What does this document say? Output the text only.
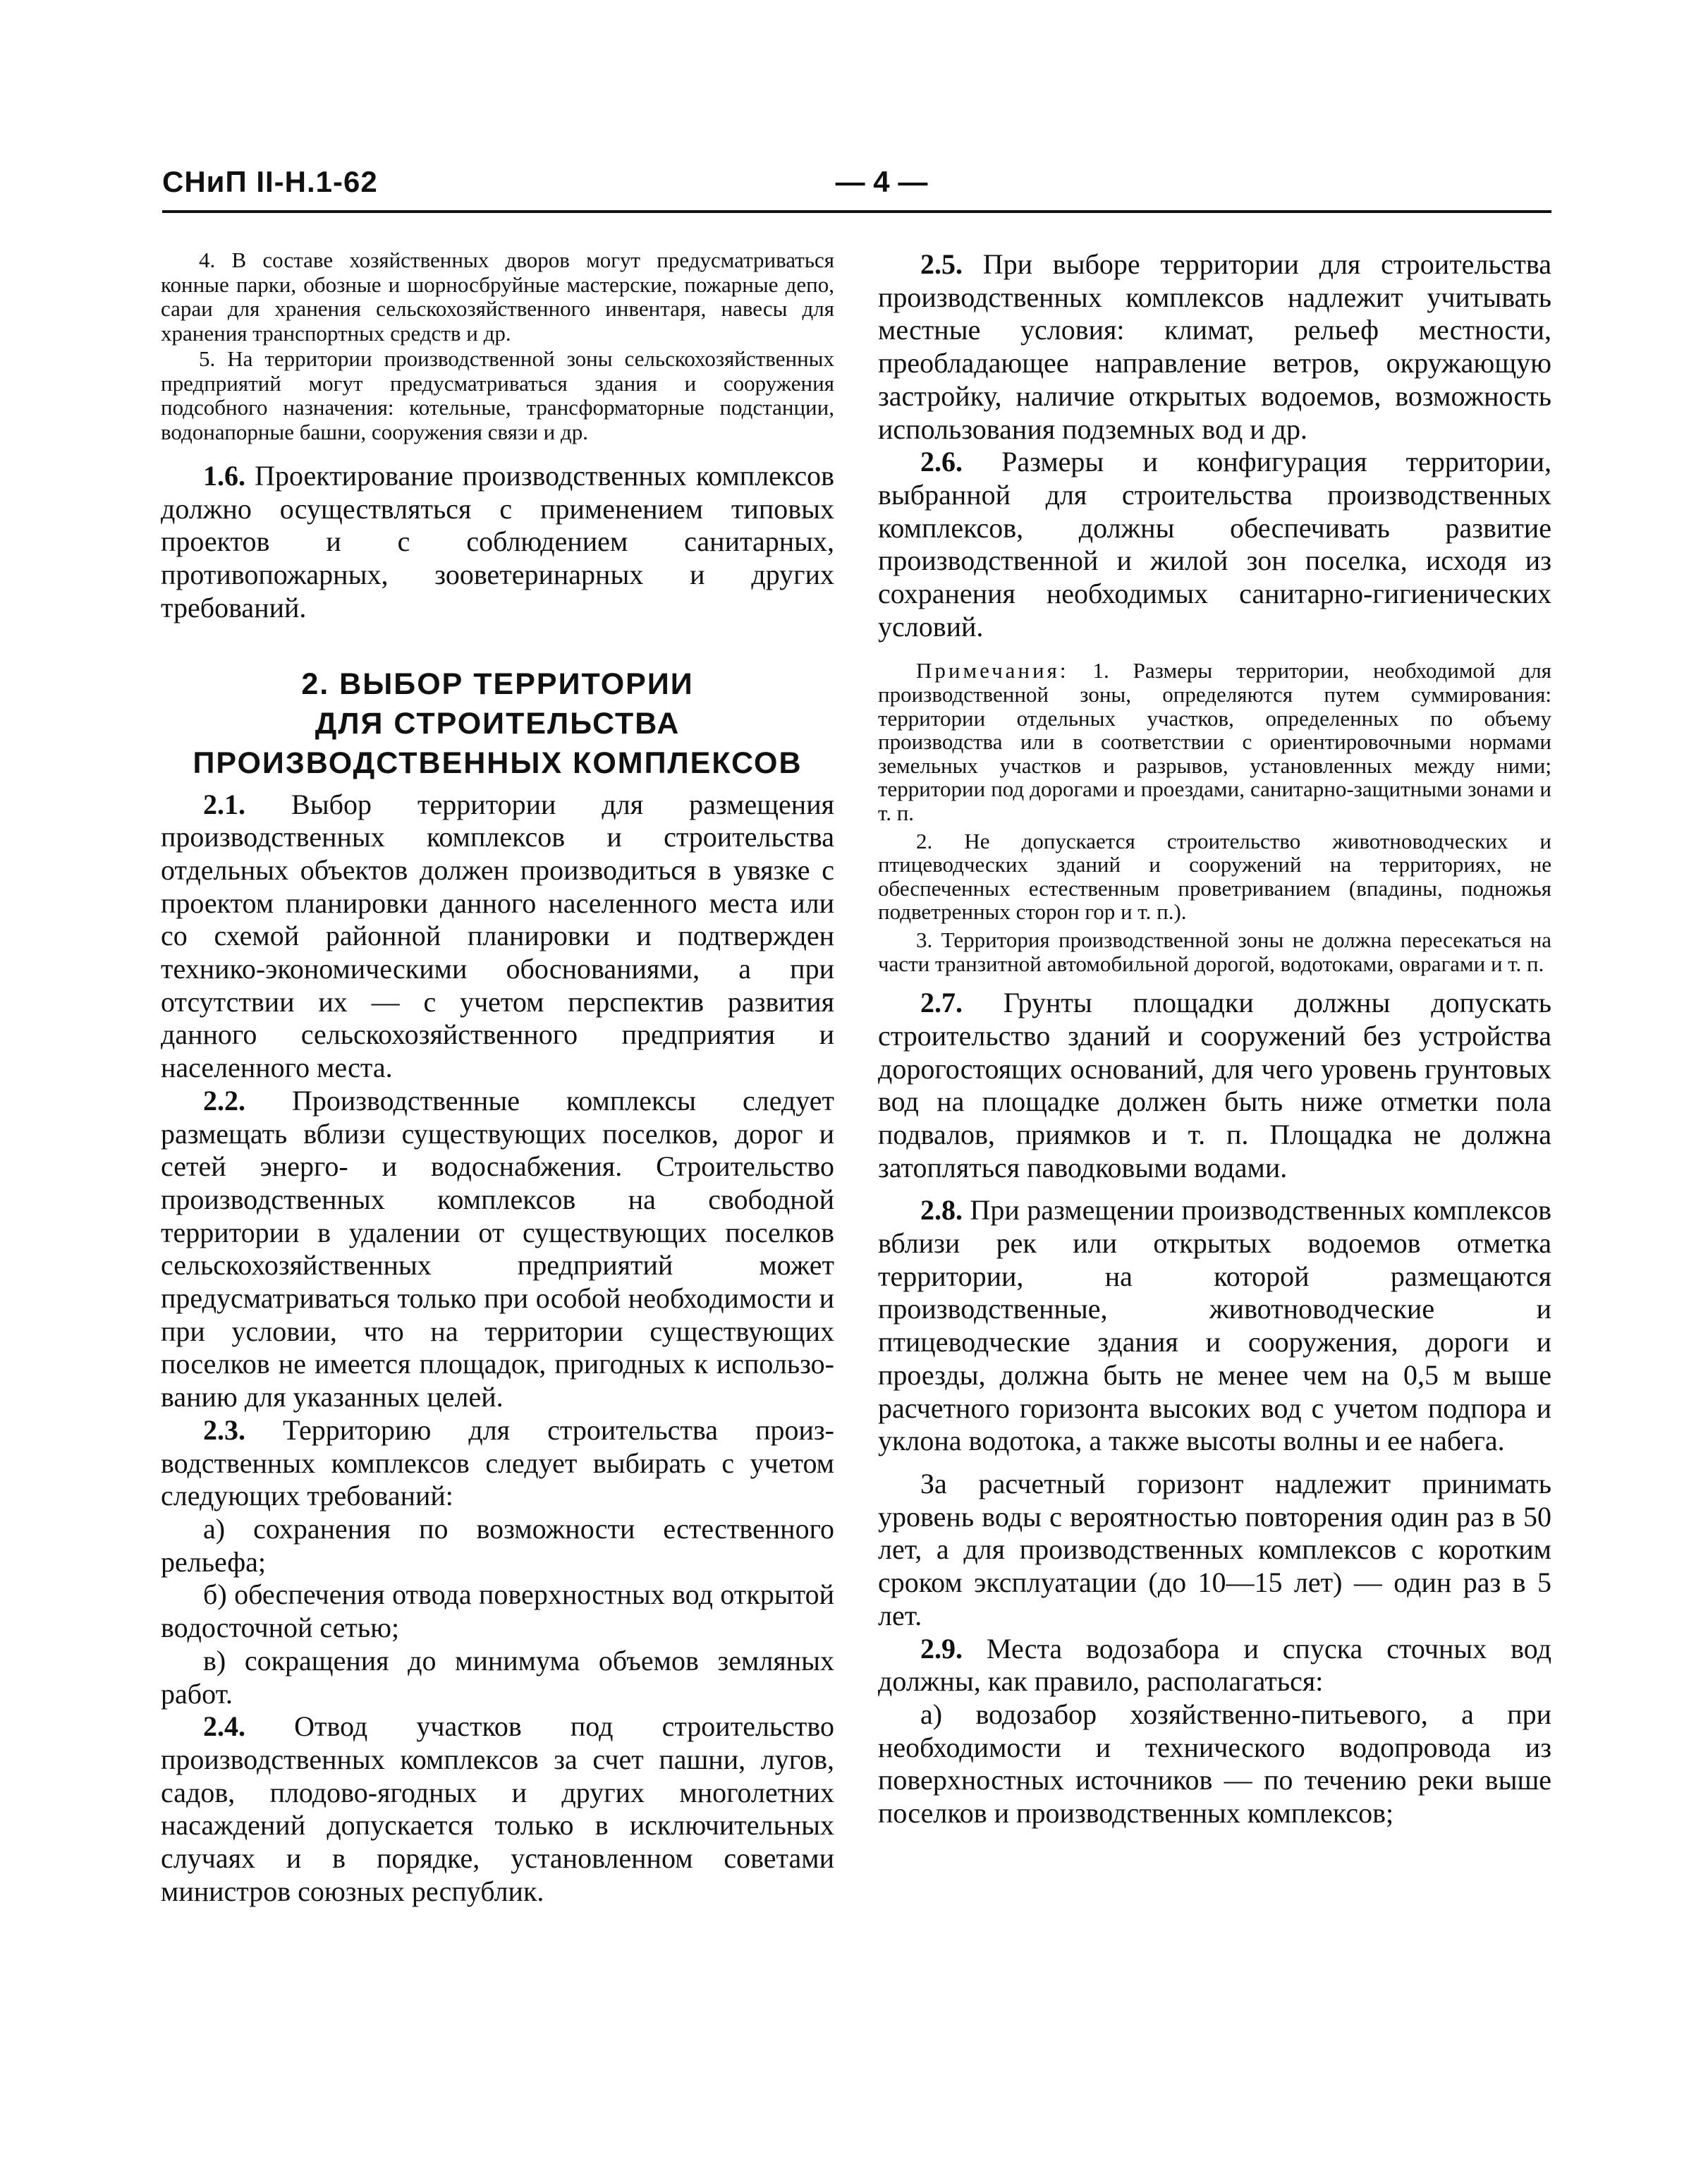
СНиП II-Н.1-62	— 4 —

4. В составе хозяйственных дворов могут предусматриваться конные парки, обозные и шорносбруйные мастерские, пожарные депо, сараи для хранения сельскохозяйственного инвентаря, навесы для хранения транспортных средств и др.

5. На территории производственной зоны сельскохозяйственных предприятий могут предусматриваться здания и сооружения подсобного назначения: котельные, трансформаторные подстанции, водонапорные башни, сооружения связи и др.

1.6. Проектирование производственных комплексов должно осуществляться с применением типовых проектов и с соблюдением санитарных, противопожарных, зооветеринарных и других требований.

2. ВЫБОР ТЕРРИТОРИИ
ДЛЯ СТРОИТЕЛЬСТВА
ПРОИЗВОДСТВЕННЫХ КОМПЛЕКСОВ

2.1. Выбор территории для размещения производственных комплексов и строительства отдельных объектов должен производиться в увязке с проектом планировки данного населенного места или со схемой районной планировки и подтвержден технико-экономическими обоснованиями, а при отсутствии их — с учетом перспектив развития данного сельскохозяйственного предприятия и населенного места.

2.2. Производственные комплексы следует размещать вблизи существующих поселков, дорог и сетей энерго- и водоснабжения. Строительство производственных комплексов на свободной территории в удалении от существующих поселков сельскохозяйственных предприятий может предусматриваться только при особой необходимости и при условии, что на территории существующих поселков не имеется площадок, пригодных к использованию для указанных целей.

2.3. Территорию для строительства производственных комплексов следует выбирать с учетом следующих требований:

а) сохранения по возможности естественного рельефа;

б) обеспечения отвода поверхностных вод открытой водосточной сетью;

в) сокращения до минимума объемов земляных работ.

2.4. Отвод участков под строительство производственных комплексов за счет пашни, лугов, садов, плодово-ягодных и других многолетних насаждений допускается только в исключительных случаях и в порядке, установленном советами министров союзных республик.

2.5. При выборе территории для строительства производственных комплексов надлежит учитывать местные условия: климат, рельеф местности, преобладающее направление ветров, окружающую застройку, наличие открытых водоемов, возможность использования подземных вод и др.

2.6. Размеры и конфигурация территории, выбранной для строительства производственных комплексов, должны обеспечивать развитие производственной и жилой зон поселка, исходя из сохранения необходимых санитарно-гигиенических условий.

Примечания: 1. Размеры территории, необходимой для производственной зоны, определяются путем суммирования: территории отдельных участков, определенных по объему производства или в соответствии с ориентировочными нормами земельных участков и разрывов, установленных между ними; территории под дорогами и проездами, санитарно-защитными зонами и т. п.

2. Не допускается строительство животноводческих и птицеводческих зданий и сооружений на территориях, не обеспеченных естественным проветриванием (впадины, подножья подветренных сторон гор и т. п.).

3. Территория производственной зоны не должна пересекаться на части транзитной автомобильной дорогой, водотоками, оврагами и т. п.

2.7. Грунты площадки должны допускать строительство зданий и сооружений без устройства дорогостоящих оснований, для чего уровень грунтовых вод на площадке должен быть ниже отметки пола подвалов, приямков и т. п. Площадка не должна затопляться паводковыми водами.

2.8. При размещении производственных комплексов вблизи рек или открытых водоемов отметка территории, на которой размещаются производственные, животноводческие и птицеводческие здания и сооружения, дороги и проезды, должна быть не менее чем на 0,5 м выше расчетного горизонта высоких вод с учетом подпора и уклона водотока, а также высоты волны и ее набега.

За расчетный горизонт надлежит принимать уровень воды с вероятностью повторения один раз в 50 лет, а для производственных комплексов с коротким сроком эксплуатации (до 10—15 лет) — один раз в 5 лет.

2.9. Места водозабора и спуска сточных вод должны, как правило, располагаться:

а) водозабор хозяйственно-питьевого, а при необходимости и технического водопровода из поверхностных источников — по течению реки выше поселков и производственных комплексов;
